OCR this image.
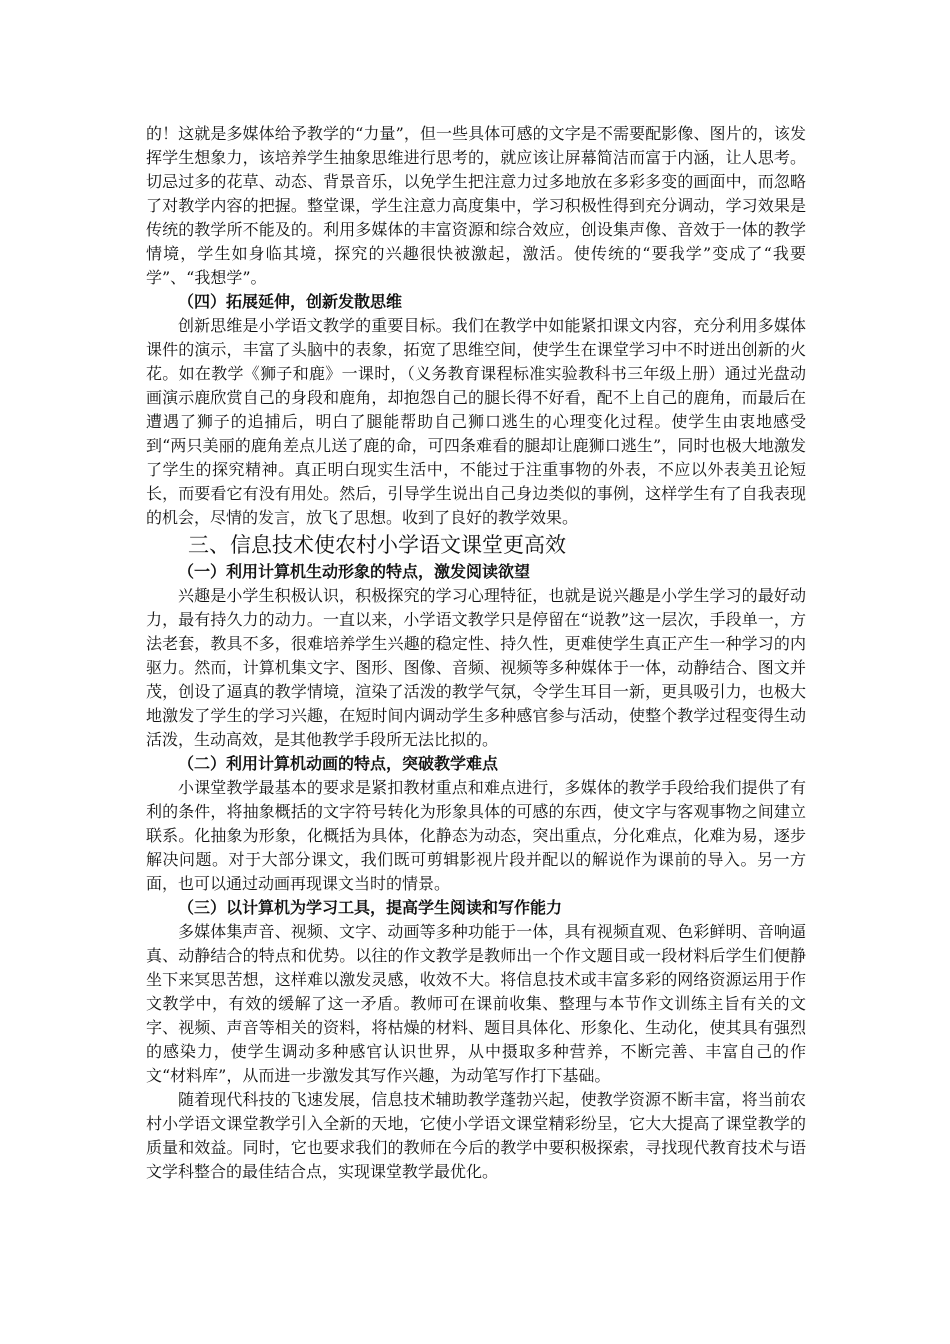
的！这就是多媒体给予教学的“力量”，但一些具体可感的文字是不需要配影像、图片的，该发挥学生想象力，该培养学生抽象思维进行思考的，就应该让屏幕简洁而富于内涵，让人思考。切忌过多的花草、动态、背景音乐，以免学生把注意力过多地放在多彩多变的画面中，而忽略了对教学内容的把握。整堂课，学生注意力高度集中，学习积极性得到充分调动，学习效果是传统的教学所不能及的。利用多媒体的丰富资源和综合效应，创设集声像、音效于一体的教学情境，学生如身临其境，探究的兴趣很快被激起，激活。使传统的“要我学”变成了“我要学”、“我想学”。

（四）拓展延伸，创新发散思维

创新思维是小学语文教学的重要目标。我们在教学中如能紧扣课文内容，充分利用多媒体课件的演示，丰富了头脑中的表象，拓宽了思维空间，使学生在课堂学习中不时迸出创新的火花。如在教学《狮子和鹿》一课时，（义务教育课程标准实验教科书三年级上册）通过光盘动画演示鹿欣赏自己的身段和鹿角，却抱怨自己的腿长得不好看，配不上自己的鹿角，而最后在遭遇了狮子的追捕后，明白了腿能帮助自己狮口逃生的心理变化过程。使学生由衷地感受到“两只美丽的鹿角差点儿送了鹿的命，可四条难看的腿却让鹿狮口逃生”，同时也极大地激发了学生的探究精神。真正明白现实生活中，不能过于注重事物的外表，不应以外表美丑论短长，而要看它有没有用处。然后，引导学生说出自己身边类似的事例，这样学生有了自我表现的机会，尽情的发言，放飞了思想。收到了良好的教学效果。

三、信息技术使农村小学语文课堂更高效

（一）利用计算机生动形象的特点，激发阅读欲望

兴趣是小学生积极认识，积极探究的学习心理特征，也就是说兴趣是小学生学习的最好动力，最有持久力的动力。一直以来，小学语文教学只是停留在“说教”这一层次，手段单一，方法老套，教具不多，很难培养学生兴趣的稳定性、持久性，更难使学生真正产生一种学习的内驱力。然而，计算机集文字、图形、图像、音频、视频等多种媒体于一体，动静结合、图文并茂，创设了逼真的教学情境，渲染了活泼的教学气氛，令学生耳目一新，更具吸引力，也极大地激发了学生的学习兴趣，在短时间内调动学生多种感官参与活动，使整个教学过程变得生动活泼，生动高效，是其他教学手段所无法比拟的。

（二）利用计算机动画的特点，突破教学难点

小课堂教学最基本的要求是紧扣教材重点和难点进行，多媒体的教学手段给我们提供了有利的条件，将抽象概括的文字符号转化为形象具体的可感的东西，使文字与客观事物之间建立联系。化抽象为形象，化概括为具体，化静态为动态，突出重点，分化难点，化难为易，逐步解决问题。对于大部分课文，我们既可剪辑影视片段并配以的解说作为课前的导入。另一方面，也可以通过动画再现课文当时的情景。

（三）以计算机为学习工具，提高学生阅读和写作能力

多媒体集声音、视频、文字、动画等多种功能于一体，具有视频直观、色彩鲜明、音响逼真、动静结合的特点和优势。以往的作文教学是教师出一个作文题目或一段材料后学生们便静坐下来冥思苦想，这样难以激发灵感，收效不大。将信息技术或丰富多彩的网络资源运用于作文教学中，有效的缓解了这一矛盾。教师可在课前收集、整理与本节作文训练主旨有关的文字、视频、声音等相关的资料，将枯燥的材料、题目具体化、形象化、生动化，使其具有强烈的感染力，使学生调动多种感官认识世界，从中摄取多种营养，不断完善、丰富自己的作文“材料库”，从而进一步激发其写作兴趣，为动笔写作打下基础。

随着现代科技的飞速发展，信息技术辅助教学蓬勃兴起，使教学资源不断丰富，将当前农村小学语文课堂教学引入全新的天地，它使小学语文课堂精彩纷呈，它大大提高了课堂教学的质量和效益。同时，它也要求我们的教师在今后的教学中要积极探索，寻找现代教育技术与语文学科整合的最佳结合点，实现课堂教学最优化。
